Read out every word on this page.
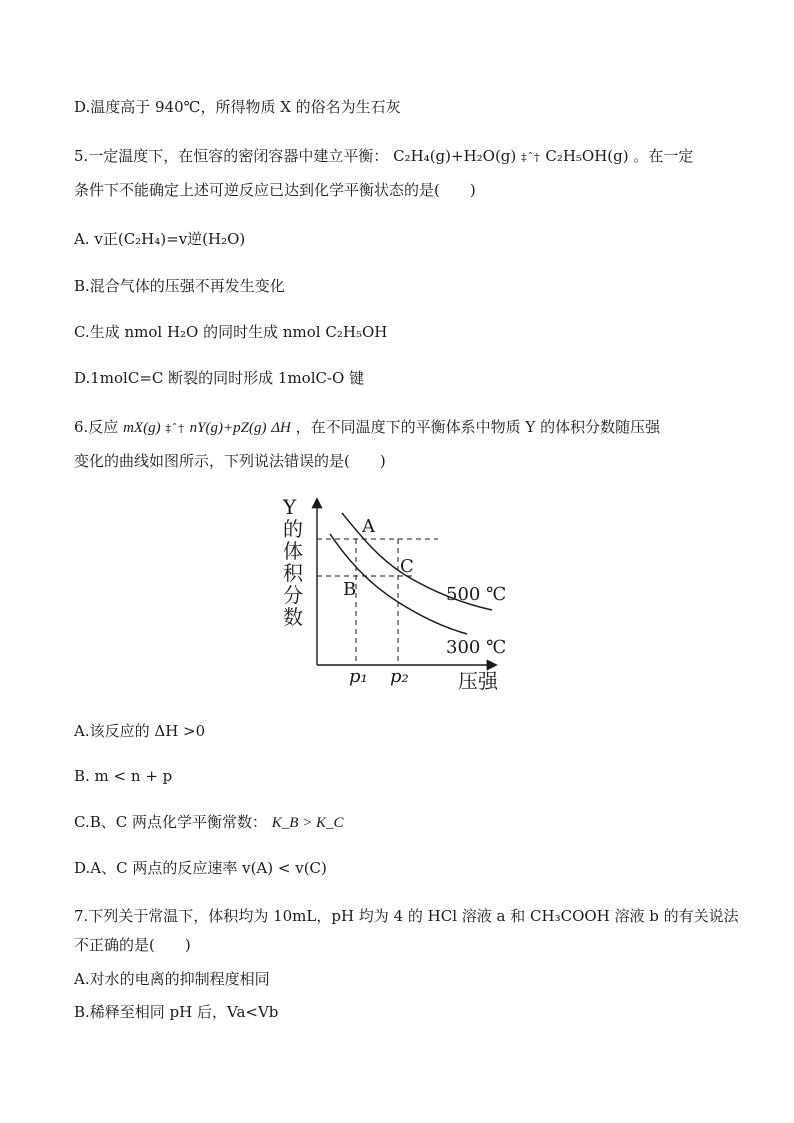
D.温度高于 940℃，所得物质 X 的俗名为生石灰
5.一定温度下，在恒容的密闭容器中建立平衡： C₂H₄(g)+H₂O(g) ‡ˆ† C₂H₅OH(g) 。在一定
条件下不能确定上述可逆反应已达到化学平衡状态的是(　　)
A. v正(C₂H₄)=v逆(H₂O)
B.混合气体的压强不再发生变化
C.生成 nmol H₂O 的同时生成 nmol C₂H₅OH
D.1molC=C 断裂的同时形成 1molC-O 键
6.反应 mX(g) ‡ˆ† nY(g)+pZ(g) ΔH ，在不同温度下的平衡体系中物质 Y 的体积分数随压强
变化的曲线如图所示，下列说法错误的是(　　)
Y
的
体
积
分
数
A
B
C
500 ℃
300 ℃
p₁ p₂ 压强
A.该反应的 ΔH >0
B. m < n + p
C.B、C 两点化学平衡常数： K_B > K_C
D.A、C 两点的反应速率 v(A) < v(C)
7.下列关于常温下，体积均为 10mL，pH 均为 4 的 HCl 溶液 a 和 CH₃COOH 溶液 b 的有关说法
不正确的是(　　)
A.对水的电离的抑制程度相同
B.稀释至相同 pH 后，Va<Vb
